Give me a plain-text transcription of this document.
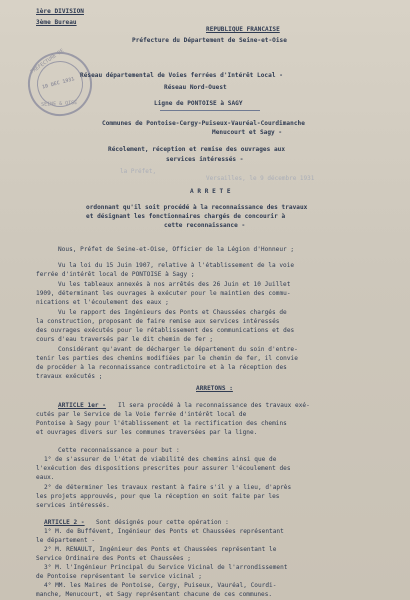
1ère DIVISION
3ème Bureau
REPUBLIQUE FRANCAISE
Préfecture du Département de Seine-et-Oise
PREFECTURE DE
10 DEC 1931
SEINE & OISE
Réseau départemental de Voies ferrées d'Intérêt Local -
Réseau Nord-Ouest
Ligne de PONTOISE à SAGY
Communes de Pontoise-Cergy-Puiseux-Vauréal-Courdimanche
Menucourt et Sagy -
Récolement, réception et remise des ouvrages aux
services intéressés -
la Préfet,
Versailles, le 9 décembre 1931
A R R E T E
ordonnant qu'il soit procédé à la reconnaissance des travaux
et désignant les fonctionnaires chargés de concourir à
cette reconnaissance -
Nous, Préfet de Seine-et-Oise, Officier de la Légion d'Honneur ;
Vu la loi du 15 Juin 1907, relative à l'établissement de la voie
ferrée d'intérêt local de PONTOISE à Sagy ;
Vu les tableaux annexés à nos arrêtés des 26 Juin et 10 Juillet
1909, déterminant les ouvrages à exécuter pour le maintien des commu-
nications et l'écoulement des eaux ;
Vu le rapport des Ingénieurs des Ponts et Chaussées chargés de
la construction, proposant de faire remise aux services intéressés
des ouvrages exécutés pour le rétablissement des communications et des
cours d'eau traversés par le dit chemin de fer ;
Considérant qu'avant de décharger le département du soin d'entre-
tenir les parties des chemins modifiées par le chemin de fer, il convie
de procéder à la reconnaissance contradictoire et à la réception des
travaux exécutés ;
ARRETONS :
ARTICLE 1er - Il sera procédé à la reconnaissance des travaux exé-
cutés par le Service de la Voie ferrée d'intérêt local de
Pontoise à Sagy pour l'établissement et la rectification des chemins
et ouvrages divers sur les communes traversées par la ligne.
Cette reconnaissance a pour but :
1° de s'assurer de l'état de viabilité des chemins ainsi que de
l'exécution des dispositions prescrites pour assurer l'écoulement des
eaux.
2° de déterminer les travaux restant à faire s'il y a lieu, d'après
les projets approuvés, pour que la réception en soit faite par les
services intéressés.
ARTICLE 2 - Sont désignés pour cette opération :
1° M. de Buffévent, Ingénieur des Ponts et Chaussées représentant
le département -
2° M. RENAULT, Ingénieur des Ponts et Chaussées représentant le
Service Ordinaire des Ponts et Chaussées ;
3° M. l'Ingénieur Principal du Service Vicinal de l'arrondissement
de Pontoise représentant le service vicinal ;
4° MM. les Maires de Pontoise, Cergy, Puiseux, Vauréal, Courdi-
manche, Menucourt, et Sagy représentant chacune de ces communes.
